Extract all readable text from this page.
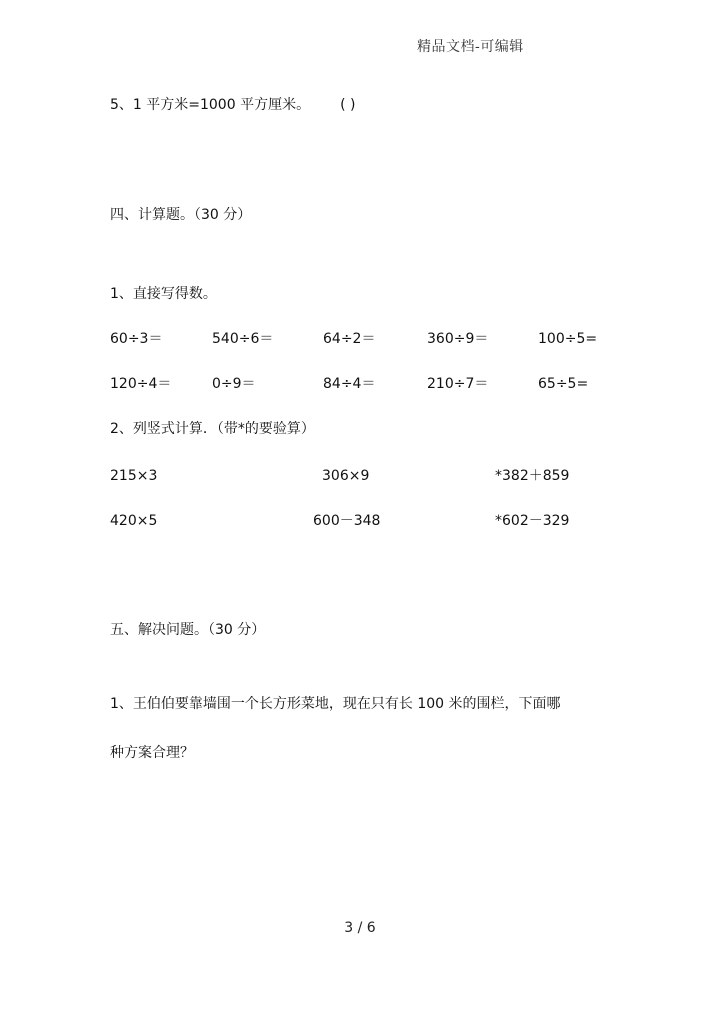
精品文档-可编辑
5、1 平方米=1000 平方厘米。 ( )
四、计算题。（30 分）
1、直接写得数。
60÷3＝	540÷6＝	64÷2＝	360÷9＝	100÷5=
120÷4＝	0÷9＝	84÷4＝	210÷7＝	65÷5=
2、列竖式计算．（带*的要验算）
215×3	306×9	*382＋859
420×5	600－348	*602－329
五、解决问题。（30 分）
1、王伯伯要靠墙围一个长方形菜地，现在只有长 100 米的围栏，下面哪
种方案合理？
3 / 6
